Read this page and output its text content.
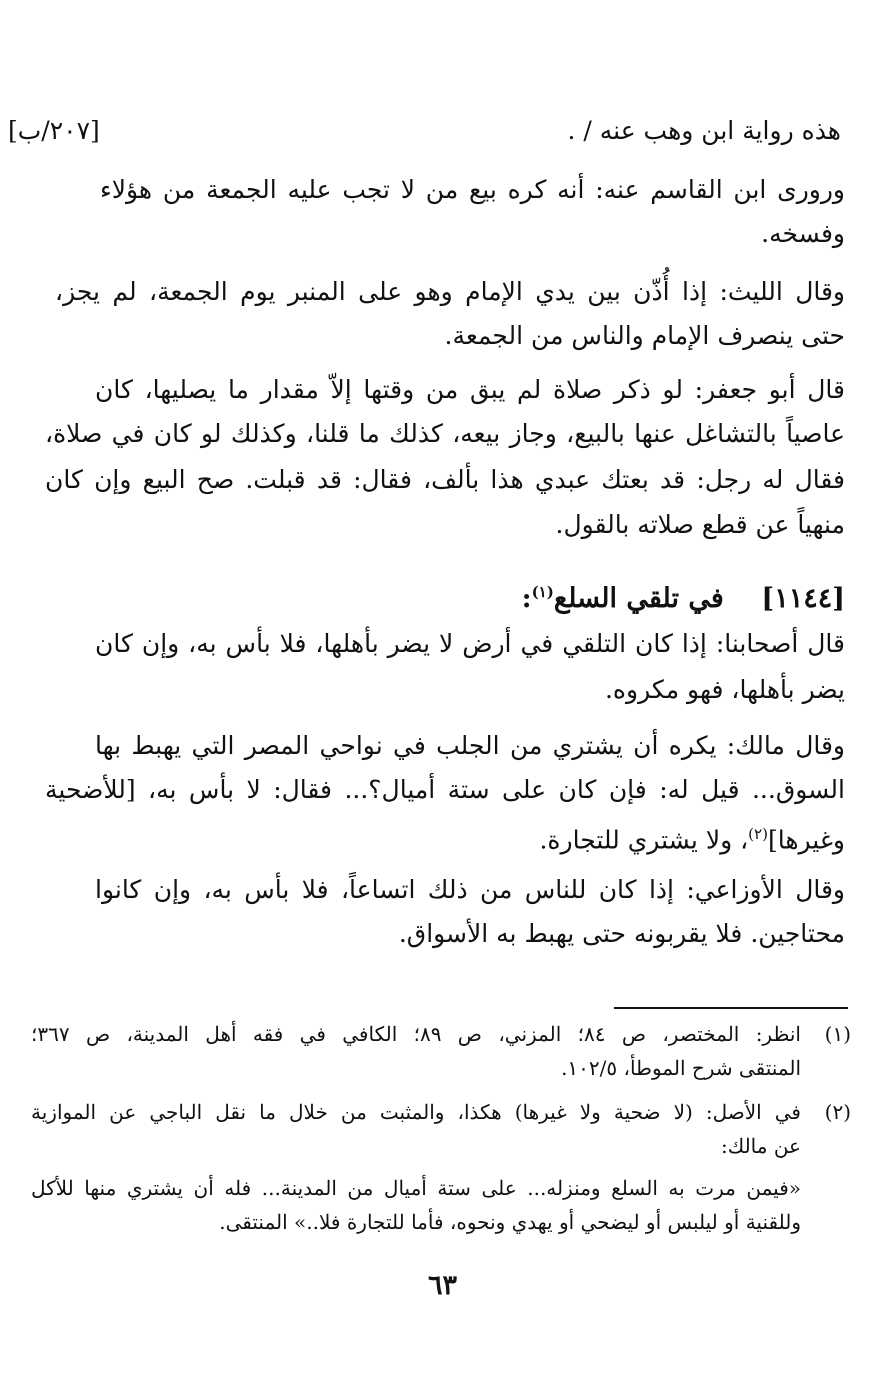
هذه رواية ابن وهب عنه / .
[٢٠٧/ب]
ورورى ابن القاسم عنه: أنه كره بيع من لا تجب عليه الجمعة من هؤلاء
وفسخه.
وقال الليث: إذا أُذّن بين يدي الإمام وهو على المنبر يوم الجمعة، لم يجز،
حتى ينصرف الإمام والناس من الجمعة.
قال أبو جعفر: لو ذكر صلاة لم يبق من وقتها إلاّ مقدار ما يصليها، كان
عاصياً بالتشاغل عنها بالبيع، وجاز بيعه، كذلك ما قلنا، وكذلك لو كان في صلاة،
فقال له رجل: قد بعتك عبدي هذا بألف، فقال: قد قبلت. صح البيع وإن كان
منهياً عن قطع صلاته بالقول.
[١١٤٤]    في تلقي السلع$^{(١)}$:
قال أصحابنا: إذا كان التلقي في أرض لا يضر بأهلها، فلا بأس به، وإن كان
يضر بأهلها، فهو مكروه.
وقال مالك: يكره أن يشتري من الجلب في نواحي المصر التي يهبط بها
السوق... قيل له: فإن كان على ستة أميال؟... فقال: لا بأس به، [للأضحية
وغيرها]$^{(٢)}$، ولا يشتري للتجارة.
وقال الأوزاعي: إذا كان للناس من ذلك اتساعاً، فلا بأس به، وإن كانوا
محتاجين. فلا يقربونه حتى يهبط به الأسواق.
(١)
انظر: المختصر، ص ٨٤؛ المزني، ص ٨٩؛ الكافي في فقه أهل المدينة، ص ٣٦٧؛
المنتقى شرح الموطأ، ١٠٢/٥.
(٢)
في الأصل: (لا ضحية ولا غيرها) هكذا، والمثبت من خلال ما نقل الباجي عن الموازية
عن مالك:
«فيمن مرت به السلع ومنزله... على ستة أميال من المدينة... فله أن يشتري منها للأكل
وللقنية أو ليلبس أو ليضحي أو يهدي ونحوه، فأما للتجارة فلا..» المنتقى.
٦٣
